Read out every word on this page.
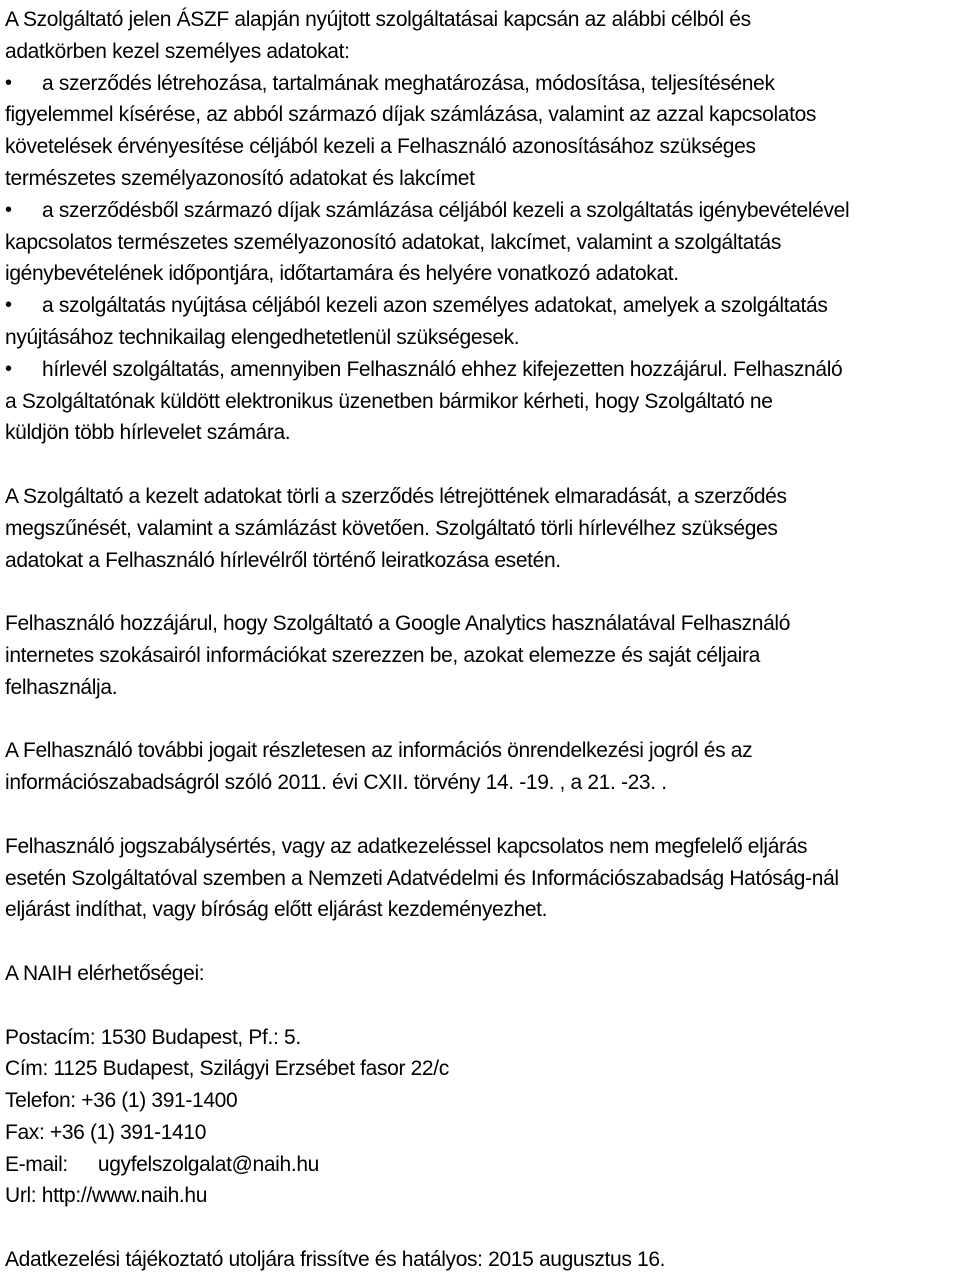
A Szolgáltató jelen ÁSZF alapján nyújtott szolgáltatásai kapcsán az alábbi célból és
adatkörben kezel személyes adatokat:
• a szerződés létrehozása, tartalmának meghatározása, módosítása, teljesítésének
figyelemmel kísérése, az abból származó díjak számlázása, valamint az azzal kapcsolatos
követelések érvényesítése céljából kezeli a Felhasználó azonosításához szükséges
természetes személyazonosító adatokat és lakcímet
• a szerződésből származó díjak számlázása céljából kezeli a szolgáltatás igénybevételével
kapcsolatos természetes személyazonosító adatokat, lakcímet, valamint a szolgáltatás
igénybevételének időpontjára, időtartamára és helyére vonatkozó adatokat.
• a szolgáltatás nyújtása céljából kezeli azon személyes adatokat, amelyek a szolgáltatás
nyújtásához technikailag elengedhetetlenül szükségesek.
• hírlevél szolgáltatás, amennyiben Felhasználó ehhez kifejezetten hozzájárul. Felhasználó
a Szolgáltatónak küldött elektronikus üzenetben bármikor kérheti, hogy Szolgáltató ne
küldjön több hírlevelet számára.
A Szolgáltató a kezelt adatokat törli a szerződés létrejöttének elmaradását, a szerződés
megszűnését, valamint a számlázást követően. Szolgáltató törli hírlevélhez szükséges
adatokat a Felhasználó hírlevélről történő leiratkozása esetén.
Felhasználó hozzájárul, hogy Szolgáltató a Google Analytics használatával Felhasználó
internetes szokásairól információkat szerezzen be, azokat elemezze és saját céljaira
felhasználja.
A Felhasználó további jogait részletesen az információs önrendelkezési jogról és az
információszabadságról szóló 2011. évi CXII. törvény 14. -19. , a 21. -23. .
Felhasználó jogszabálysértés, vagy az adatkezeléssel kapcsolatos nem megfelelő eljárás
esetén Szolgáltatóval szemben a Nemzeti Adatvédelmi és Információszabadság Hatóság-nál
eljárást indíthat, vagy bíróság előtt eljárást kezdeményezhet.
A NAIH elérhetőségei:
Postacím: 1530 Budapest, Pf.: 5.
Cím: 1125 Budapest, Szilágyi Erzsébet fasor 22/c
Telefon: +36 (1) 391-1400
Fax: +36 (1) 391-1410
E-mail: ugyfelszolgalat@naih.hu
Url: http://www.naih.hu
Adatkezelési tájékoztató utoljára frissítve és hatályos: 2015 augusztus 16.
